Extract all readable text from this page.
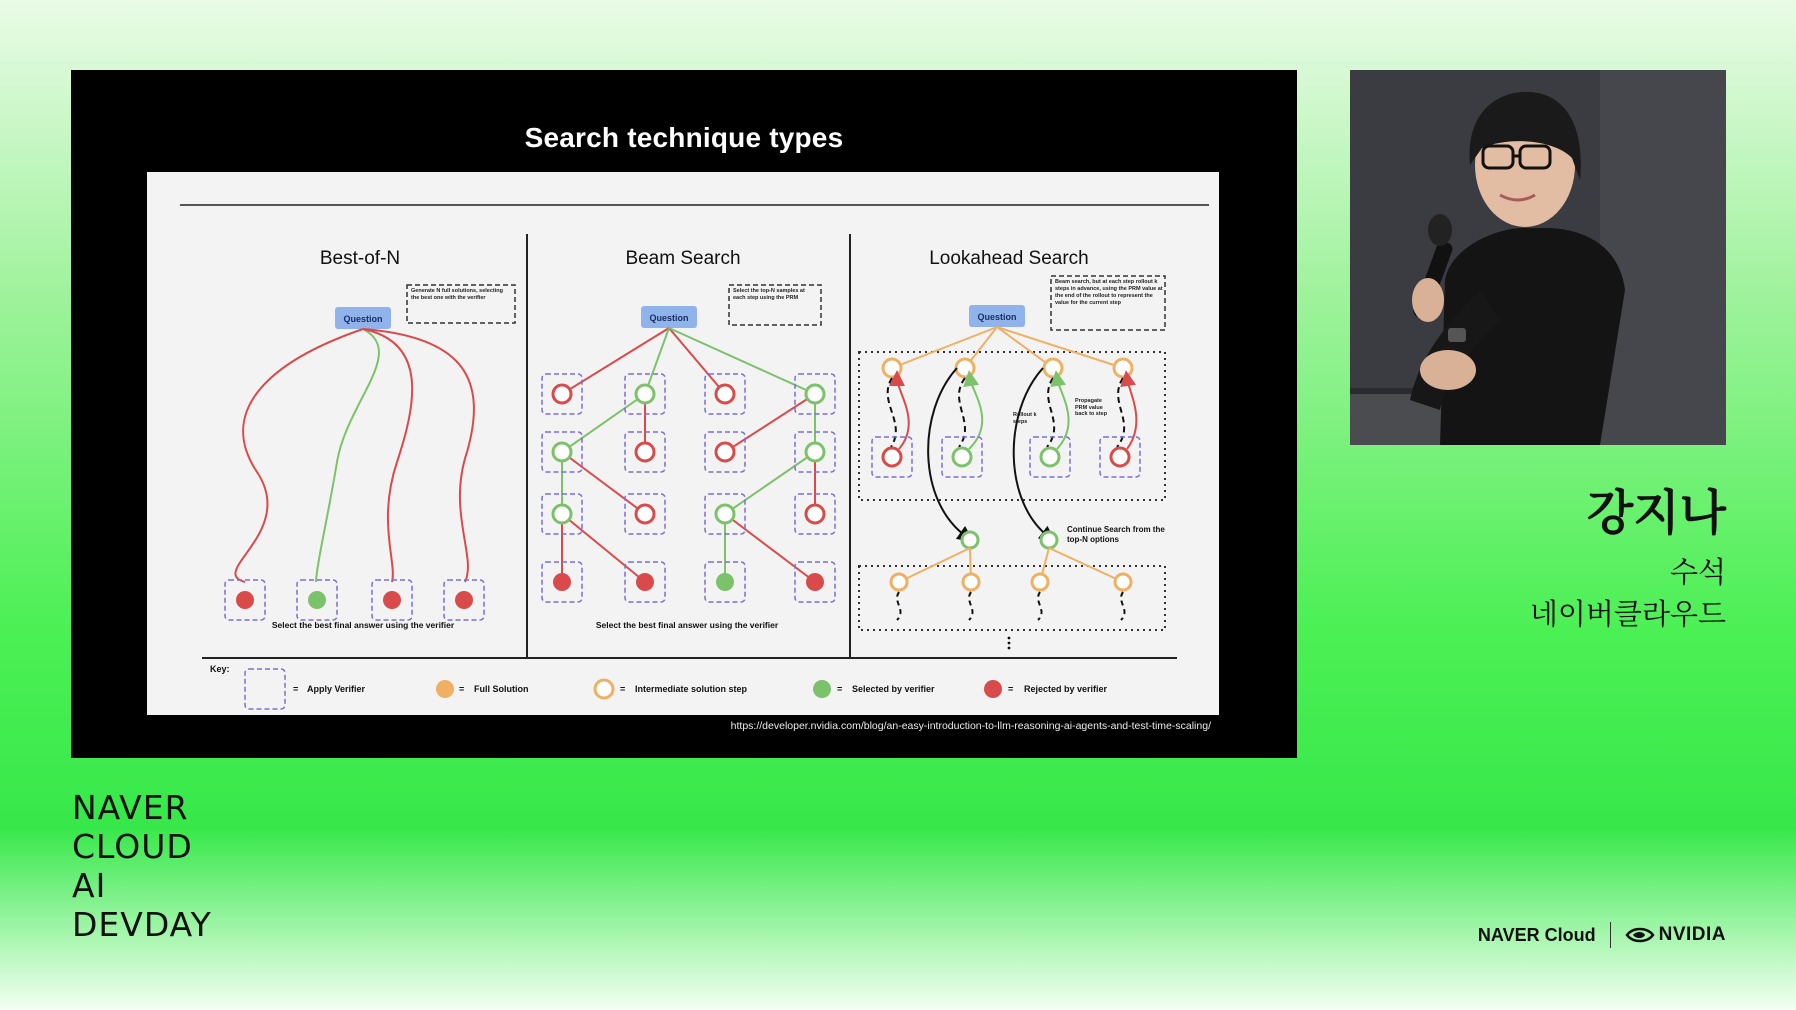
Search technique types
Best-of-N	Beam Search	Lookahead Search
Question
Generate N full solutions, selecting the best one with the verifier
Select the best final answer using the verifier
Question
Select the top-N samples at each step using the PRM
Select the best final answer using the verifier
Question
Beam search, but at each step rollout k steps in advance, using the PRM value at the end of the rollout to represent the value for the current step
Rollout k steps
Propagate PRM value back to step
Continue Search from the top-N options
Key:
= Apply Verifier	= Full Solution	= Intermediate solution step	= Selected by verifier	= Rejected by verifier
https://developer.nvidia.com/blog/an-easy-introduction-to-llm-reasoning-ai-agents-and-test-time-scaling/
강지나
수석
네이버클라우드
NAVER
CLOUD
AI
DEVDAY	NAVER Cloud	NVIDIA
